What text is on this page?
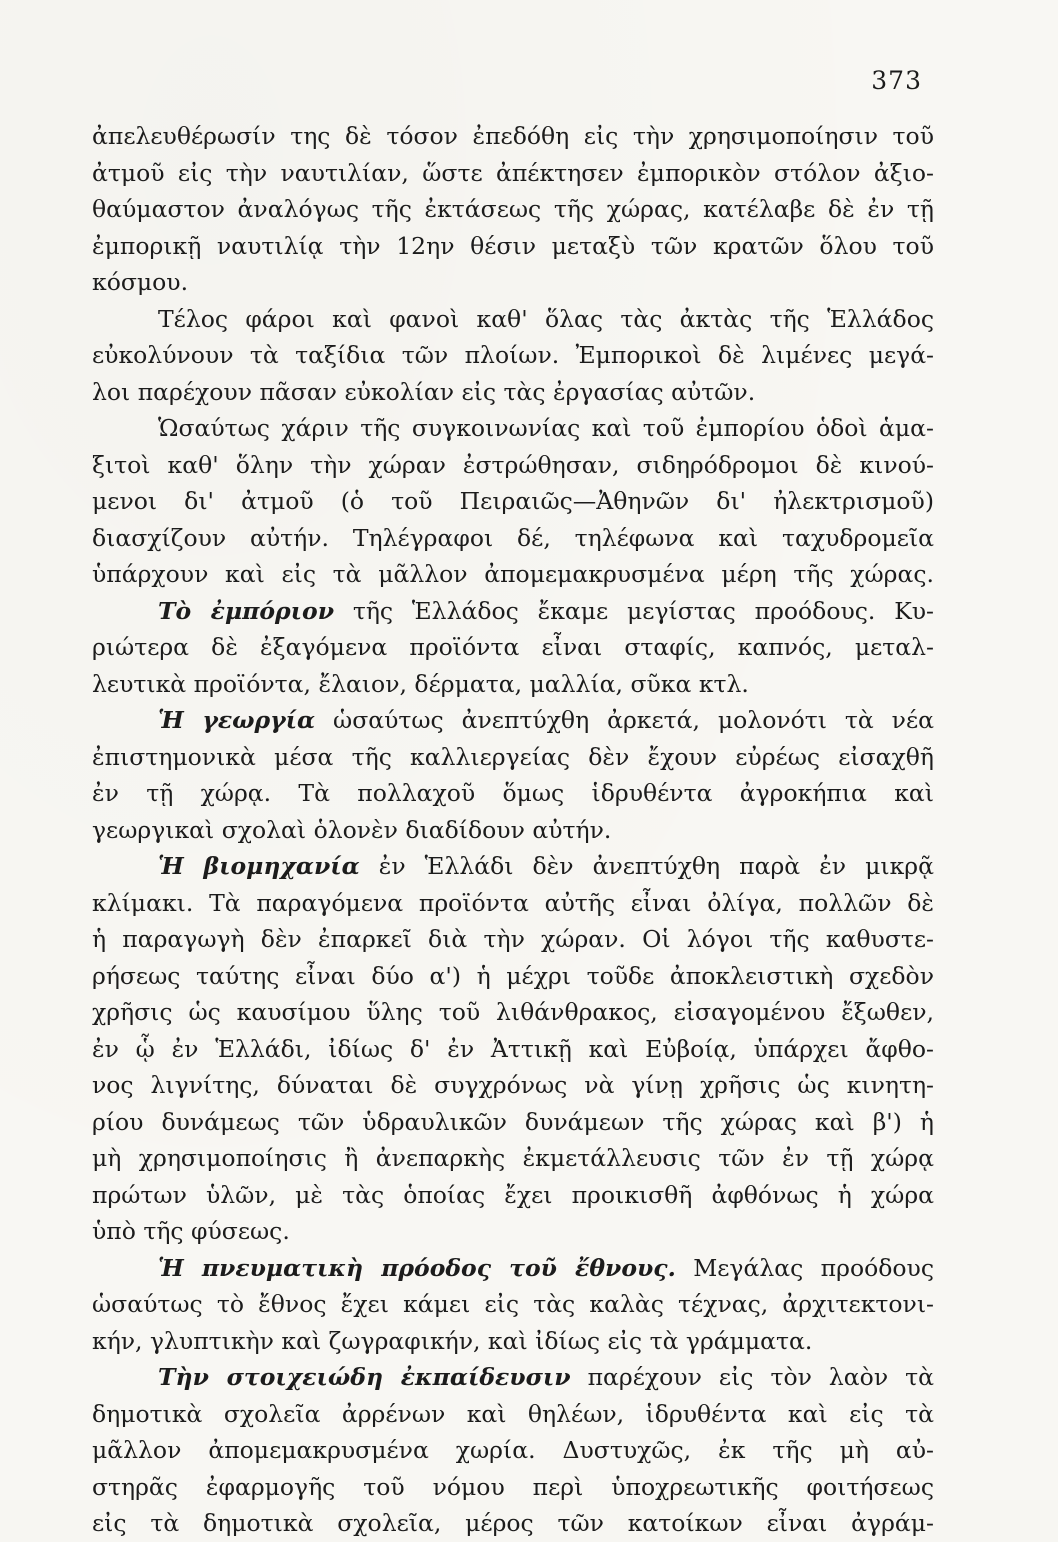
373
ἀπελευθέρωσίν της δὲ τόσον ἐπεδόθη εἰς τὴν χρησιμοποίησιν τοῦ
ἀτμοῦ εἰς τὴν ναυτιλίαν, ὥστε ἀπέκτησεν ἐμπορικὸν στόλον ἀξιο-
θαύμαστον ἀναλόγως τῆς ἐκτάσεως τῆς χώρας, κατέλαβε δὲ ἐν τῇ
ἐμπορικῇ ναυτιλίᾳ τὴν 12ην θέσιν μεταξὺ τῶν κρατῶν ὅλου τοῦ
κόσμου.
Τέλος φάροι καὶ φανοὶ καθ' ὅλας τὰς ἀκτὰς τῆς Ἑλλάδος
εὐκολύνουν τὰ ταξίδια τῶν πλοίων. Ἐμπορικοὶ δὲ λιμένες μεγά-
λοι παρέχουν πᾶσαν εὐκολίαν εἰς τὰς ἐργασίας αὐτῶν.
Ὡσαύτως χάριν τῆς συγκοινωνίας καὶ τοῦ ἐμπορίου ὁδοὶ ἁμα-
ξιτοὶ καθ' ὅλην τὴν χώραν ἐστρώθησαν, σιδηρόδρομοι δὲ κινού-
μενοι δι' ἀτμοῦ (ὁ τοῦ Πειραιῶς—Ἀθηνῶν δι' ἠλεκτρισμοῦ)
διασχίζουν αὐτήν. Τηλέγραφοι δέ, τηλέφωνα καὶ ταχυδρομεῖα
ὑπάρχουν καὶ εἰς τὰ μᾶλλον ἀπομεμακρυσμένα μέρη τῆς χώρας.
Τὸ ἐμπόριον τῆς Ἑλλάδος ἔκαμε μεγίστας προόδους. Κυ-
ριώτερα δὲ ἐξαγόμενα προϊόντα εἶναι σταφίς, καπνός, μεταλ-
λευτικὰ προϊόντα, ἔλαιον, δέρματα, μαλλία, σῦκα κτλ.
Ἡ γεωργία ὡσαύτως ἀνεπτύχθη ἀρκετά, μολονότι τὰ νέα
ἐπιστημονικὰ μέσα τῆς καλλιεργείας δὲν ἔχουν εὐρέως εἰσαχθῆ
ἐν τῇ χώρᾳ. Τὰ πολλαχοῦ ὅμως ἱδρυθέντα ἀγροκήπια καὶ
γεωργικαὶ σχολαὶ ὁλονὲν διαδίδουν αὐτήν.
Ἡ βιομηχανία ἐν Ἑλλάδι δὲν ἀνεπτύχθη παρὰ ἐν μικρᾷ
κλίμακι. Τὰ παραγόμενα προϊόντα αὐτῆς εἶναι ὀλίγα, πολλῶν δὲ
ἡ παραγωγὴ δὲν ἐπαρκεῖ διὰ τὴν χώραν. Οἱ λόγοι τῆς καθυστε-
ρήσεως ταύτης εἶναι δύο α') ἡ μέχρι τοῦδε ἀποκλειστικὴ σχεδὸν
χρῆσις ὡς καυσίμου ὕλης τοῦ λιθάνθρακος, εἰσαγομένου ἔξωθεν,
ἐν ᾧ ἐν Ἑλλάδι, ἰδίως δ' ἐν Ἀττικῇ καὶ Εὐβοίᾳ, ὑπάρχει ἄφθο-
νος λιγνίτης, δύναται δὲ συγχρόνως νὰ γίνῃ χρῆσις ὡς κινητη-
ρίου δυνάμεως τῶν ὑδραυλικῶν δυνάμεων τῆς χώρας καὶ β') ἡ
μὴ χρησιμοποίησις ἢ ἀνεπαρκὴς ἐκμετάλλευσις τῶν ἐν τῇ χώρᾳ
πρώτων ὑλῶν, μὲ τὰς ὁποίας ἔχει προικισθῆ ἀφθόνως ἡ χώρα
ὑπὸ τῆς φύσεως.
Ἡ πνευματικὴ πρόοδος τοῦ ἔθνους. Μεγάλας προόδους
ὡσαύτως τὸ ἔθνος ἔχει κάμει εἰς τὰς καλὰς τέχνας, ἀρχιτεκτονι-
κήν, γλυπτικὴν καὶ ζωγραφικήν, καὶ ἰδίως εἰς τὰ γράμματα.
Τὴν στοιχειώδη ἐκπαίδευσιν παρέχουν εἰς τὸν λαὸν τὰ
δημοτικὰ σχολεῖα ἀρρένων καὶ θηλέων, ἱδρυθέντα καὶ εἰς τὰ
μᾶλλον ἀπομεμακρυσμένα χωρία. Δυστυχῶς, ἐκ τῆς μὴ αὐ-
στηρᾶς ἐφαρμογῆς τοῦ νόμου περὶ ὑποχρεωτικῆς φοιτήσεως
εἰς τὰ δημοτικὰ σχολεῖα, μέρος τῶν κατοίκων εἶναι ἀγράμ-
